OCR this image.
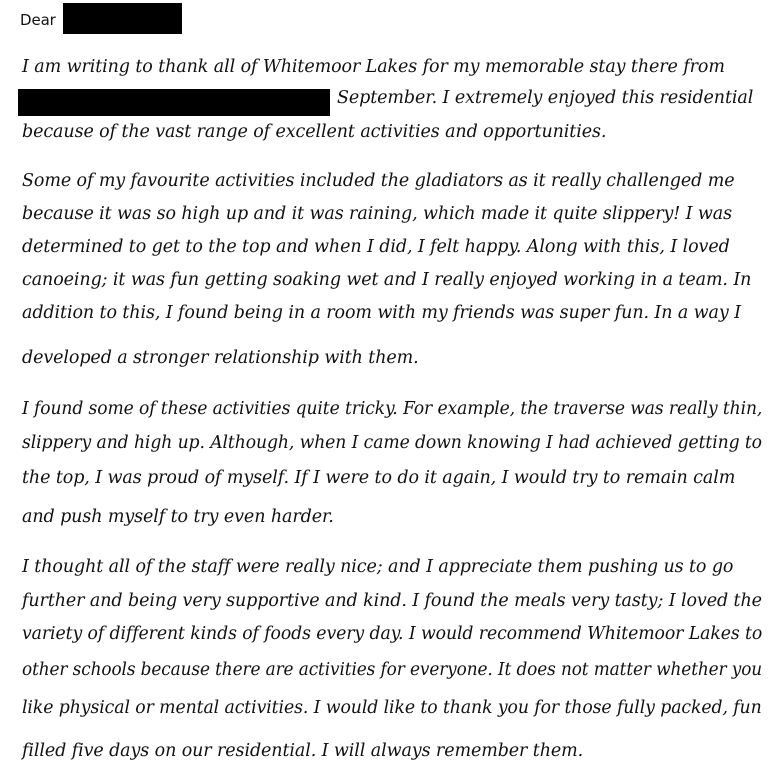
Dear
I am writing to thank all of Whitemoor Lakes for my memorable stay there from
September. I extremely enjoyed this residential
because of the vast range of excellent activities and opportunities.
Some of my favourite activities included the gladiators as it really challenged me
because it was so high up and it was raining, which made it quite slippery! I was
determined to get to the top and when I did, I felt happy. Along with this, I loved
canoeing; it was fun getting soaking wet and I really enjoyed working in a team. In
addition to this, I found being in a room with my friends was super fun. In a way I
developed a stronger relationship with them.
I found some of these activities quite tricky. For example, the traverse was really thin,
slippery and high up. Although, when I came down knowing I had achieved getting to
the top, I was proud of myself. If I were to do it again, I would try to remain calm
and push myself to try even harder.
I thought all of the staff were really nice; and I appreciate them pushing us to go
further and being very supportive and kind. I found the meals very tasty; I loved the
variety of different kinds of foods every day. I would recommend Whitemoor Lakes to
other schools because there are activities for everyone. It does not matter whether you
like physical or mental activities. I would like to thank you for those fully packed, fun
filled five days on our residential. I will always remember them.
